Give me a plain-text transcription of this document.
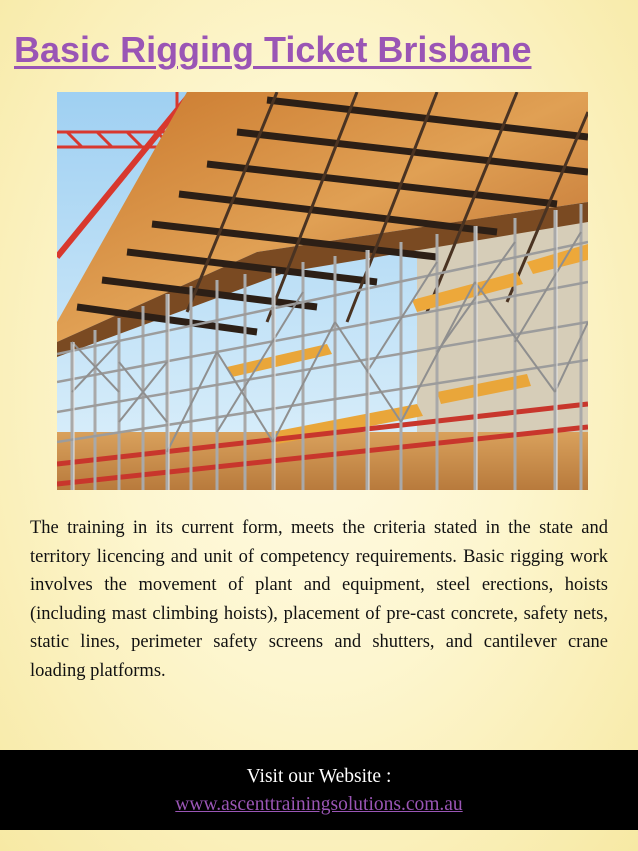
Basic Rigging Ticket Brisbane

The training in its current form, meets the criteria stated in the state and territory licencing and unit of competency requirements. Basic rigging work involves the movement of plant and equipment, steel erections, hoists (including mast climbing hoists), placement of pre-cast concrete, safety nets, static lines, perimeter safety screens and shutters, and cantilever crane loading platforms.

Visit our Website :
www.ascenttrainingsolutions.com.au
